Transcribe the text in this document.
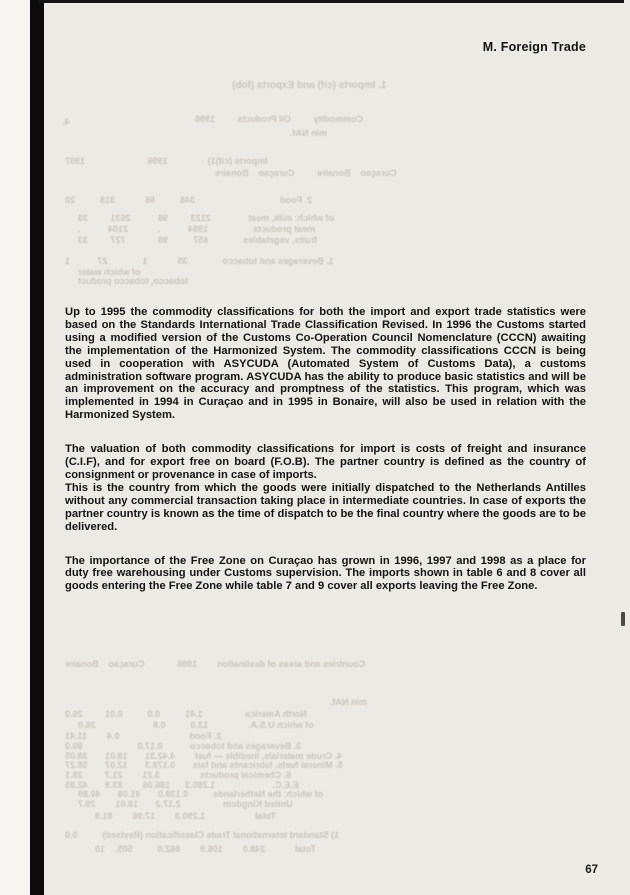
1. Imports (cif) and Exports (fob)
4.	Commodity         Oil Products         1996
min NAf.
Imports (cif)1)                1996                         1997
Curaçao    Bonaire         Curaçao    Bonaire
2. Food                                  348          66            318          20
of which: milk, meat               2123         98           2631         33
meat products                  1994           .            2104           .
fruits, vegetables              657          98             727         33
1. Beverages and tobacco              35            1              27           1
of which water
tobacco, tobacco product
Countries and areas of destination        1996             Curaçao    Bonaire
min NAf.
North America                 1.41          0.0          0.01         26.0
of which U.S.A.                13.0          0.8                       26.0
2. Food                            0.4        11.41
3. Beverages and tobacco           0.17.0                      80.0
4. Crude materials, inedible — fuel        4.42.31       18.01       38.05
5. Mineral fuels, lubricants and fats       0.178.3       12.07       58.27
6. Chemical products                3.21        21.7         28.1
E.E.C.                       1.280.3      186.06        83.9       42.85
of which: the Netherlands          0.138.0       41.08       40.89
United Kingdom                 2.17.2       18.01        28.7
Total                    1.290.3        17.96        81.9
1) Standard International Trade Classification (Revised)          0.0
Total            248.0        106.9        862.0          505.    10
M. Foreign Trade

Up to 1995 the commodity classifications for both the import and export trade statistics were based on the Standards International Trade Classification Revised. In 1996 the Customs started using a modified version of the Customs Co-Operation Council Nomenclature (CCCN) awaiting the implementation of the Harmonized System. The commodity classifications CCCN is being used in cooperation with ASYCUDA (Automated System of Customs Data), a customs administration software program. ASYCUDA has the ability to produce basic statistics and will be an improvement on the accuracy and promptness of the statistics. This program, which was implemented in 1994 in Curaçao and in 1995 in Bonaire, will also be used in relation with the Harmonized System.

The valuation of both commodity classifications for import is costs of freight and insurance (C.I.F), and for export free on board (F.O.B). The partner country is defined as the country of consignment or provenance in case of imports.

This is the country from which the goods were initially dispatched to the Netherlands Antilles without any commercial transaction taking place in intermediate countries. In case of exports the partner country is known as the time of dispatch to be the final country where the goods are to be delivered.

The importance of the Free Zone on Curaçao has grown in 1996, 1997 and 1998 as a place for duty free warehousing under Customs supervision. The imports shown in table 6 and 8 cover all goods entering the Free Zone while table 7 and 9 cover all exports leaving the Free Zone.

67
